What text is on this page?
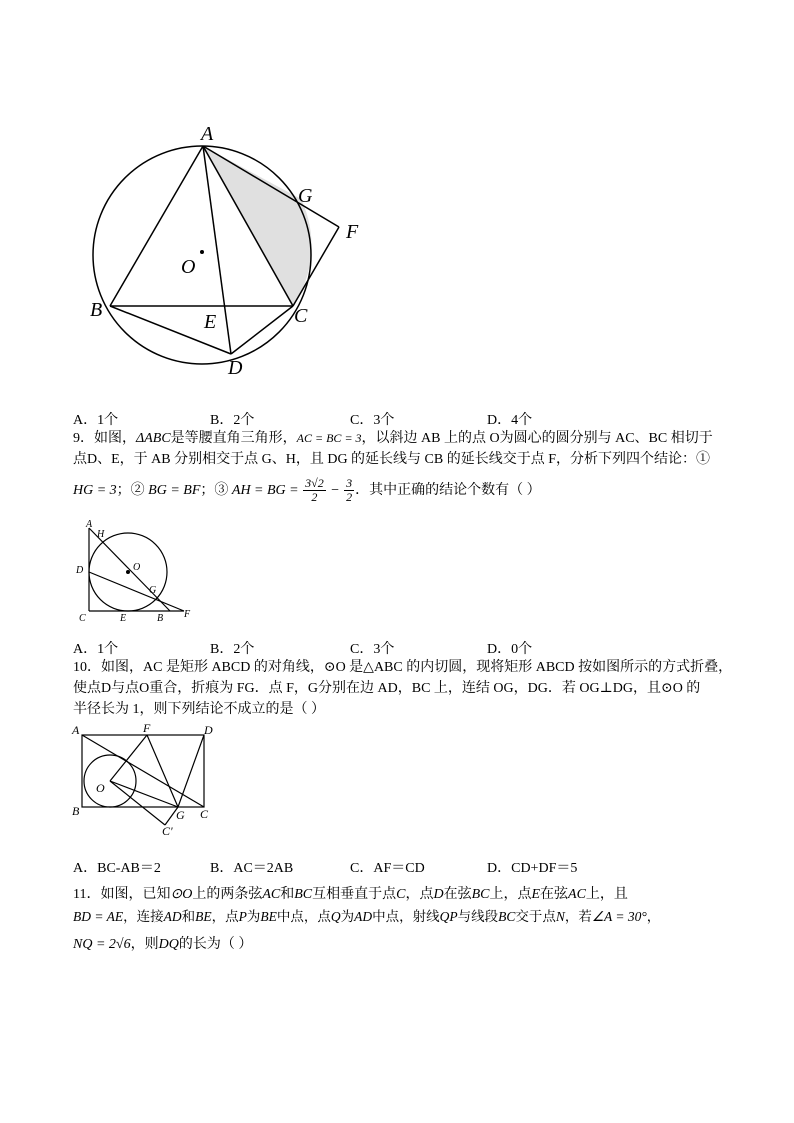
A
G
F
O
B
E	C
D
A．1个	B．2个	C．3个	D．4个
9．如图，ΔABC是等腰直角三角形，AC = BC = 3，以斜边 AB 上的点 O为圆心的圆分别与 AC、BC 相切于
点D、E，于 AB 分别相交于点 G、H，且 DG 的延长线与 CB 的延长线交于点 F，分析下列四个结论：①
HG = 3；② BG = BF；③ AH = BG = $\frac{3√2}{2} - \frac{3}{2}$ ．其中正确的结论个数有（ ）
A
H
D	O
G
C	E	B F
A．1个	B．2个	C．3个	D．0个
10．如图，AC 是矩形 ABCD 的对角线，⊙O 是△ABC 的内切圆，现将矩形 ABCD 按如图所示的方式折叠，
使点D与点O重合，折痕为 FG．点 F，G分别在边 AD，BC 上，连结 OG，DG．若 OG⊥DG，且⊙O 的
半径长为 1，则下列结论不成立的是（ ）
A	F	D
O
B	G C
C'
A．BC-AB＝2	B．AC＝2AB	C．AF＝CD	D．CD+DF＝5
11．如图，已知⊙O上的两条弦AC和BC互相垂直于点C，点D在弦BC上，点E在弦AC上，且
BD = AE，连接AD和BE，点P为BE中点，点Q为AD中点，射线QP与线段BC交于点N，若∠A = 30°，
NQ = 2√6，则DQ的长为（ ）
